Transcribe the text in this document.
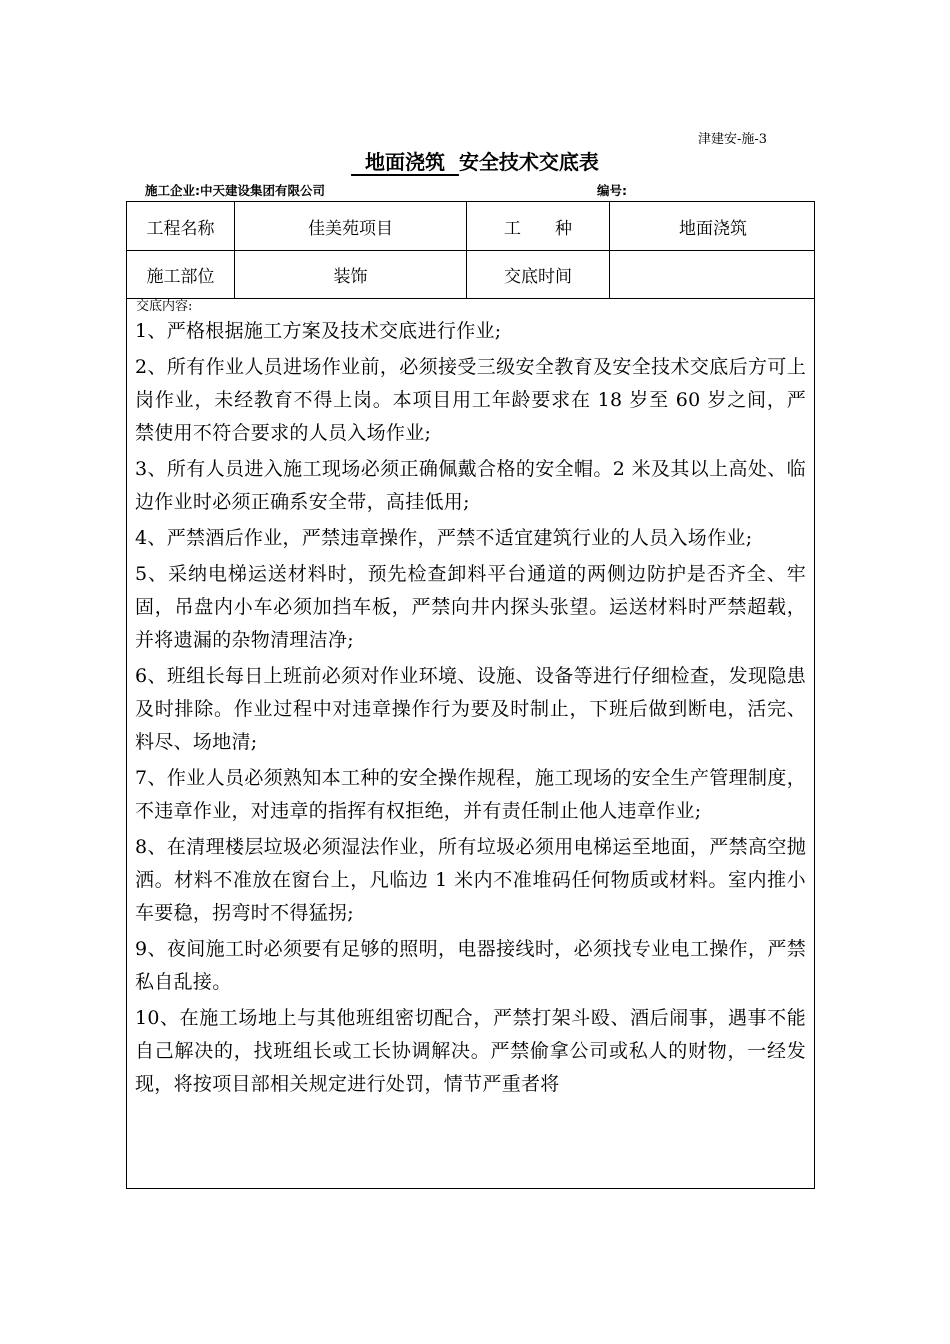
津建安-施-3
地面浇筑 安全技术交底表
施工企业:中天建设集团有限公司	编号:
工程名称	佳美苑项目	工　　种	地面浇筑
施工部位	装饰	交底时间

交底内容:

1、严格根据施工方案及技术交底进行作业;
2、所有作业人员进场作业前，必须接受三级安全教育及安全技术交底后方可上岗作业，未经教育不得上岗。本项目用工年龄要求在 18 岁至 60 岁之间，严禁使用不符合要求的人员入场作业;
3、所有人员进入施工现场必须正确佩戴合格的安全帽。2 米及其以上高处、临边作业时必须正确系安全带，高挂低用;
4、严禁酒后作业，严禁违章操作，严禁不适宜建筑行业的人员入场作业;
5、采纳电梯运送材料时，预先检查卸料平台通道的两侧边防护是否齐全、牢固，吊盘内小车必须加挡车板，严禁向井内探头张望。运送材料时严禁超载，并将遗漏的杂物清理洁净;
6、班组长每日上班前必须对作业环境、设施、设备等进行仔细检查，发现隐患及时排除。作业过程中对违章操作行为要及时制止，下班后做到断电，活完、料尽、场地清;
7、作业人员必须熟知本工种的安全操作规程，施工现场的安全生产管理制度，不违章作业，对违章的指挥有权拒绝，并有责任制止他人违章作业;
8、在清理楼层垃圾必须湿法作业，所有垃圾必须用电梯运至地面，严禁高空抛洒。材料不准放在窗台上，凡临边 1 米内不准堆码任何物质或材料。室内推小车要稳，拐弯时不得猛拐;
9、夜间施工时必须要有足够的照明，电器接线时，必须找专业电工操作，严禁私自乱接。
10、在施工场地上与其他班组密切配合，严禁打架斗殴、酒后闹事，遇事不能自己解决的，找班组长或工长协调解决。严禁偷拿公司或私人的财物，一经发现，将按项目部相关规定进行处罚，情节严重者将
